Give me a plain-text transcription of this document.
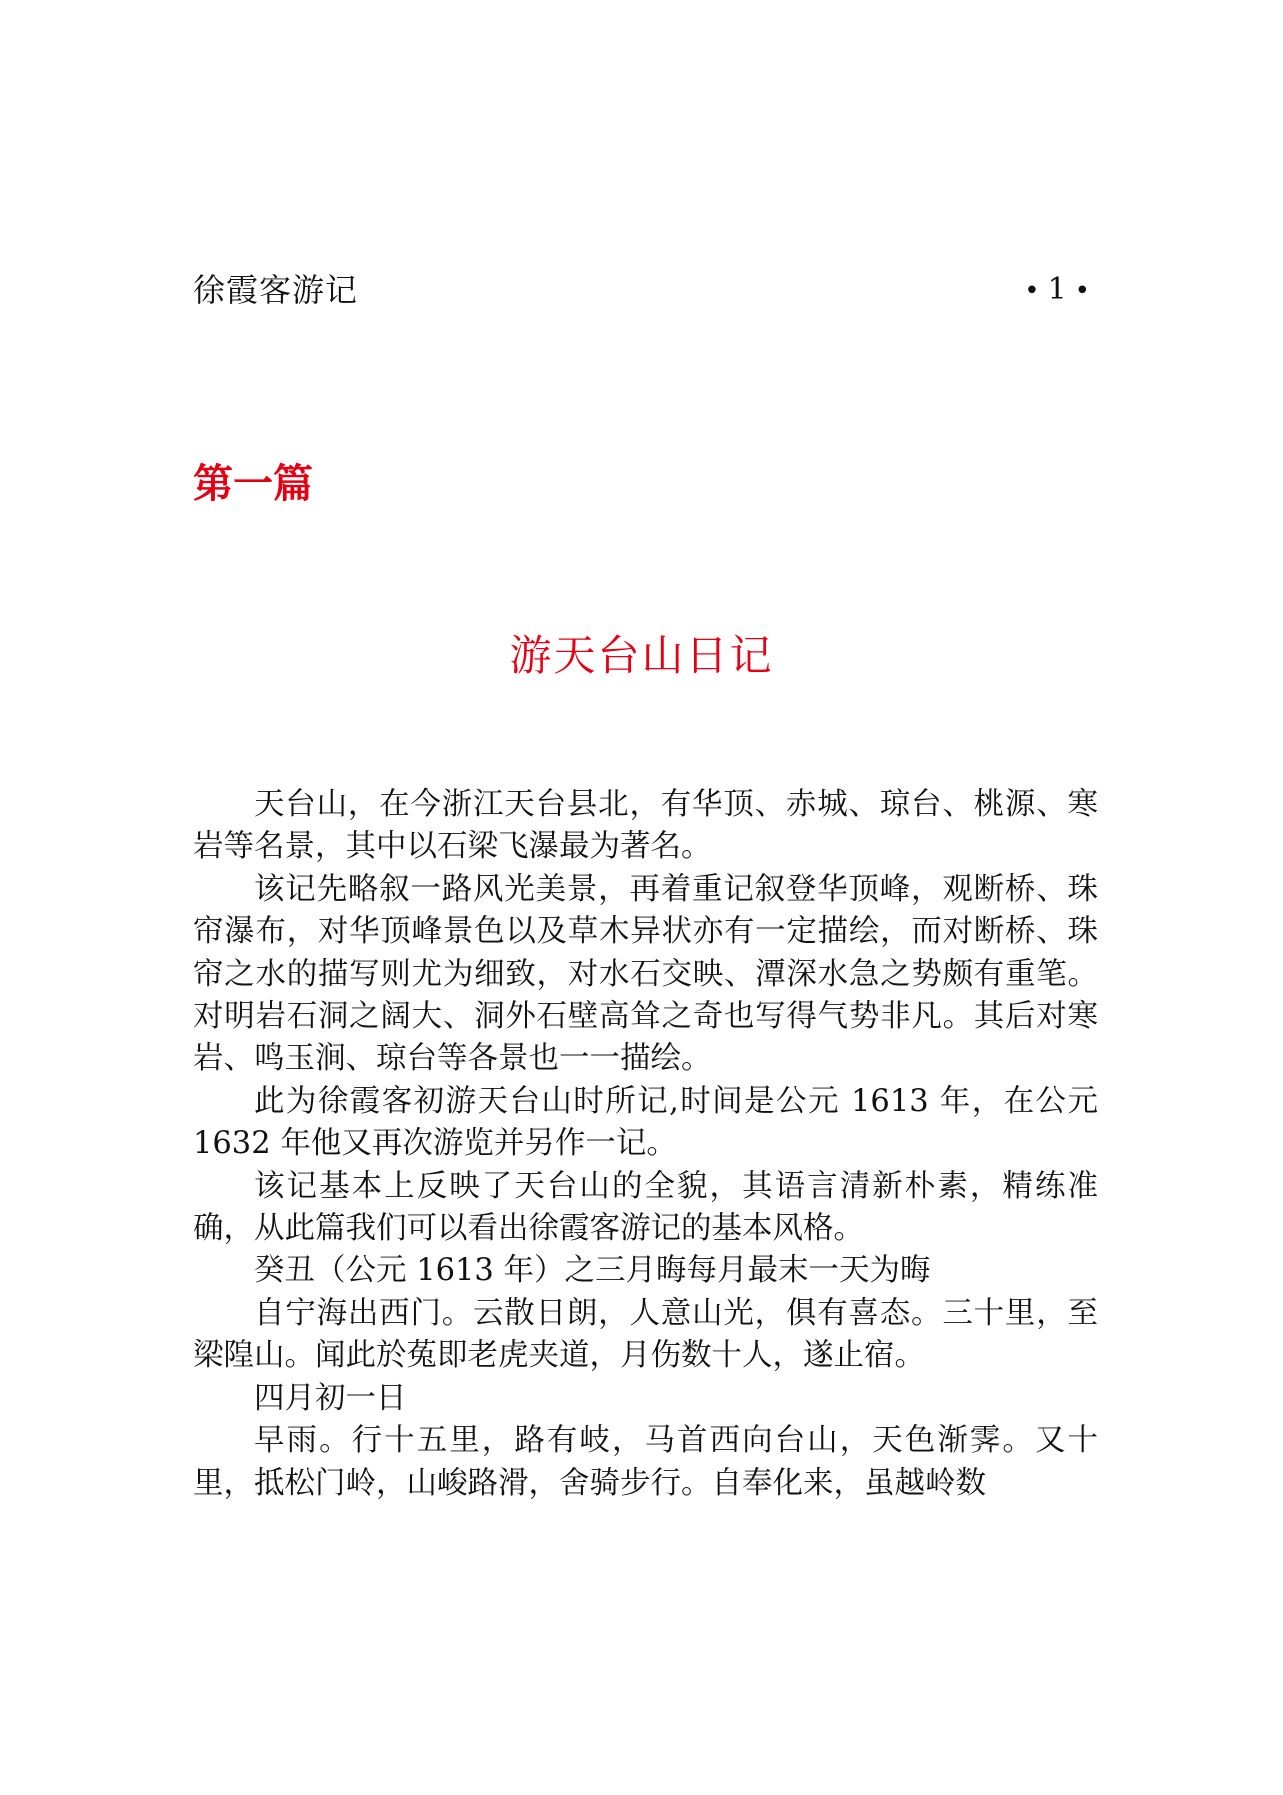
徐霞客游记	• 1 •
第一篇
游天台山日记

天台山，在今浙江天台县北，有华顶、赤城、琼台、桃源、寒岩等名景，其中以石梁飞瀑最为著名。

该记先略叙一路风光美景，再着重记叙登华顶峰，观断桥、珠帘瀑布，对华顶峰景色以及草木异状亦有一定描绘，而对断桥、珠帘之水的描写则尤为细致，对水石交映、潭深水急之势颇有重笔。对明岩石洞之阔大、洞外石壁高耸之奇也写得气势非凡。其后对寒岩、鸣玉涧、琼台等各景也一一描绘。

此为徐霞客初游天台山时所记,时间是公元 1613 年，在公元 1632 年他又再次游览并另作一记。

该记基本上反映了天台山的全貌，其语言清新朴素，精练准确，从此篇我们可以看出徐霞客游记的基本风格。

癸丑（公元 1613 年）之三月晦每月最末一天为晦

自宁海出西门。云散日朗，人意山光，俱有喜态。三十里，至梁隍山。闻此於菟即老虎夹道，月伤数十人，遂止宿。

四月初一日

早雨。行十五里，路有岐，马首西向台山，天色渐霁。又十里，抵松门岭，山峻路滑，舍骑步行。自奉化来，虽越岭数
